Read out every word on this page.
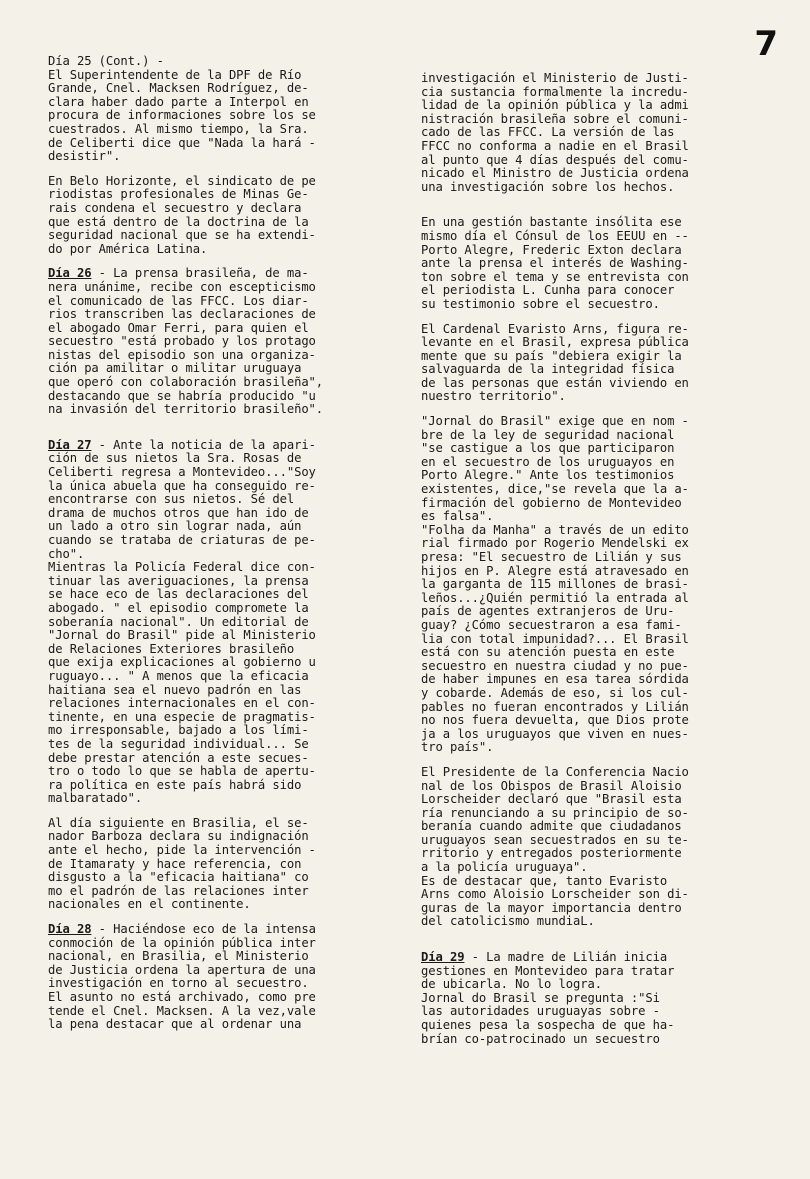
7

Día 25 (Cont.) -
El Superintendente de la DPF de Río
Grande, Cnel. Macksen Rodríguez, de-
clara haber dado parte a Interpol en
procura de informaciones sobre los se
cuestrados. Al mismo tiempo, la Sra.
de Celiberti dice que "Nada la hará -
desistir".

En Belo Horizonte, el sindicato de pe
riodistas profesionales de Minas Ge-
rais condena el secuestro y declara
que está dentro de la doctrina de la
seguridad nacional que se ha extendi-
do por América Latina.

Día 26 - La prensa brasileña, de ma-
nera unánime, recibe con escepticismo
el comunicado de las FFCC. Los diar-
rios transcriben las declaraciones de
el abogado Omar Ferri, para quien el
secuestro "está probado y los protago
nistas del episodio son una organiza-
ción pa amilitar o militar uruguaya
que operó con colaboración brasileña",
destacando que se habría producido "u
na invasión del territorio brasileño".

Día 27 - Ante la noticia de la apari-
ción de sus nietos la Sra. Rosas de
Celiberti regresa a Montevideo..."Soy
la única abuela que ha conseguido re-
encontrarse con sus nietos. Sé del
drama de muchos otros que han ido de
un lado a otro sin lograr nada, aún
cuando se trataba de criaturas de pe-
cho".
Mientras la Policía Federal dice con-
tinuar las averiguaciones, la prensa
se hace eco de las declaraciones del
abogado. " el episodio compromete la
soberanía nacional". Un editorial de
"Jornal do Brasil" pide al Ministerio
de Relaciones Exteriores brasileño
que exija explicaciones al gobierno u
ruguayo... " A menos que la eficacia
haitiana sea el nuevo padrón en las
relaciones internacionales en el con-
tinente, en una especie de pragmatis-
mo irresponsable, bajado a los lími-
tes de la seguridad individual... Se
debe prestar atención a este secues-
tro o todo lo que se habla de apertu-
ra política en este país habrá sido
malbaratado".

Al día siguiente en Brasilia, el se-
nador Barboza declara su indignación
ante el hecho, pide la intervención -
de Itamaraty y hace referencia, con
disgusto a la "eficacia haitiana" co
mo el padrón de las relaciones inter
nacionales en el continente.

Día 28 - Haciéndose eco de la intensa
conmoción de la opinión pública inter
nacional, en Brasilia, el Ministerio
de Justicia ordena la apertura de una
investigación en torno al secuestro.
El asunto no está archivado, como pre
tende el Cnel. Macksen. A la vez,vale
la pena destacar que al ordenar una

investigación el Ministerio de Justi-
cia sustancia formalmente la incredu-
lidad de la opinión pública y la admi
nistración brasileña sobre el comuni-
cado de las FFCC. La versión de las
FFCC no conforma a nadie en el Brasil
al punto que 4 días después del comu-
nicado el Ministro de Justicia ordena
una investigación sobre los hechos.

En una gestión bastante insólita ese
mismo día el Cónsul de los EEUU en --
Porto Alegre, Frederic Exton declara
ante la prensa el interés de Washing-
ton sobre el tema y se entrevista con
el periodista L. Cunha para conocer
su testimonio sobre el secuestro.

El Cardenal Evaristo Arns, figura re-
levante en el Brasil, expresa pública
mente que su país "debiera exigir la
salvaguarda de la integridad física
de las personas que están viviendo en
nuestro territorio".

"Jornal do Brasil" exige que en nom -
bre de la ley de seguridad nacional
"se castigue a los que participaron
en el secuestro de los uruguayos en
Porto Alegre." Ante los testimonios
existentes, dice,"se revela que la a-
firmación del gobierno de Montevideo
es falsa".
"Folha da Manha" a través de un edito
rial firmado por Rogerio Mendelski ex
presa: "El secuestro de Lilián y sus
hijos en P. Alegre está atravesado en
la garganta de 115 millones de brasi-
leños...¿Quién permitió la entrada al
país de agentes extranjeros de Uru-
guay? ¿Cómo secuestraron a esa fami-
lia con total impunidad?... El Brasil
está con su atención puesta en este
secuestro en nuestra ciudad y no pue-
de haber impunes en esa tarea sórdida
y cobarde. Además de eso, si los cul-
pables no fueran encontrados y Lilián
no nos fuera devuelta, que Dios prote
ja a los uruguayos que viven en nues-
tro país".

El Presidente de la Conferencia Nacio
nal de los Obispos de Brasil Aloisio
Lorscheider declaró que "Brasil esta
ría renunciando a su principio de so-
beranía cuando admite que ciudadanos
uruguayos sean secuestrados en su te-
rritorio y entregados posteriormente
a la policía uruguaya".
Es de destacar que, tanto Evaristo
Arns como Aloisio Lorscheider son di-
guras de la mayor importancia dentro
del catolicismo mundiaL.

Día 29 - La madre de Lilián inicia
gestiones en Montevideo para tratar
de ubicarla. No lo logra.
Jornal do Brasil se pregunta :"Si
las autoridades uruguayas sobre -
quienes pesa la sospecha de que ha-
brían co-patrocinado un secuestro
